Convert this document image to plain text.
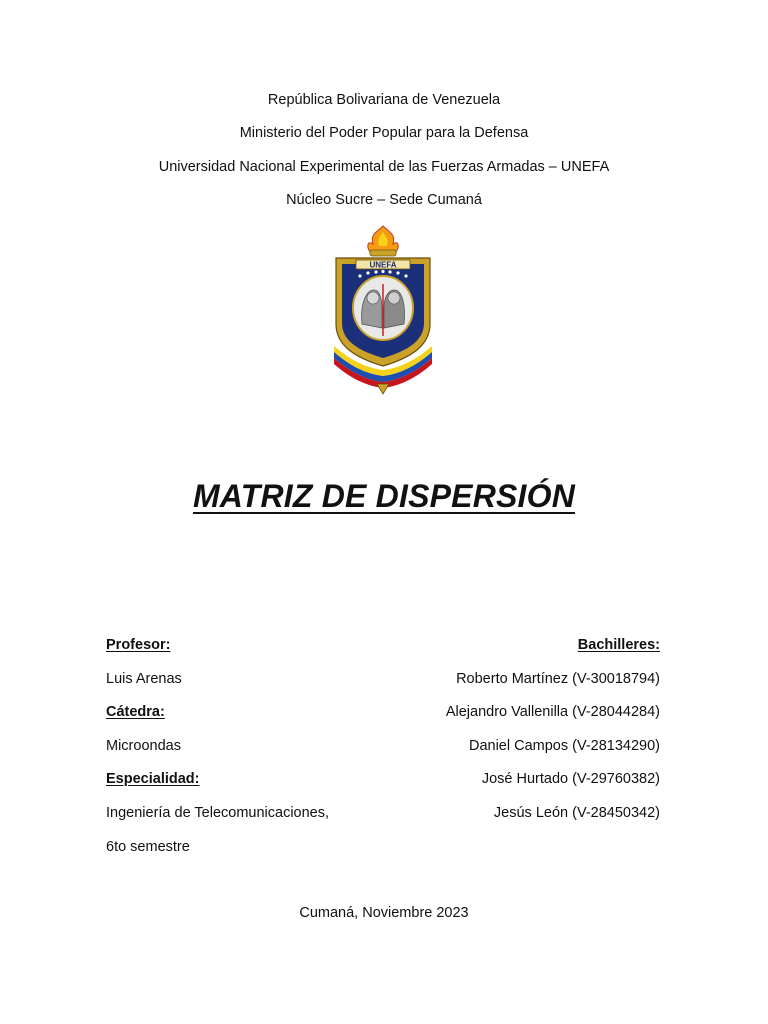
República Bolivariana de Venezuela
Ministerio del Poder Popular para la Defensa
Universidad Nacional Experimental de las Fuerzas Armadas – UNEFA
Núcleo Sucre – Sede Cumaná
UNEFA
MATRIZ DE DISPERSIÓN
Profesor:
Luis Arenas
Cátedra:
Microondas
Especialidad:
Ingeniería de Telecomunicaciones,
6to semestre
Bachilleres:
Roberto Martínez (V-30018794)
Alejandro Vallenilla (V-28044284)
Daniel Campos (V-28134290)
José Hurtado (V-29760382)
Jesús León (V-28450342)
Cumaná, Noviembre 2023
